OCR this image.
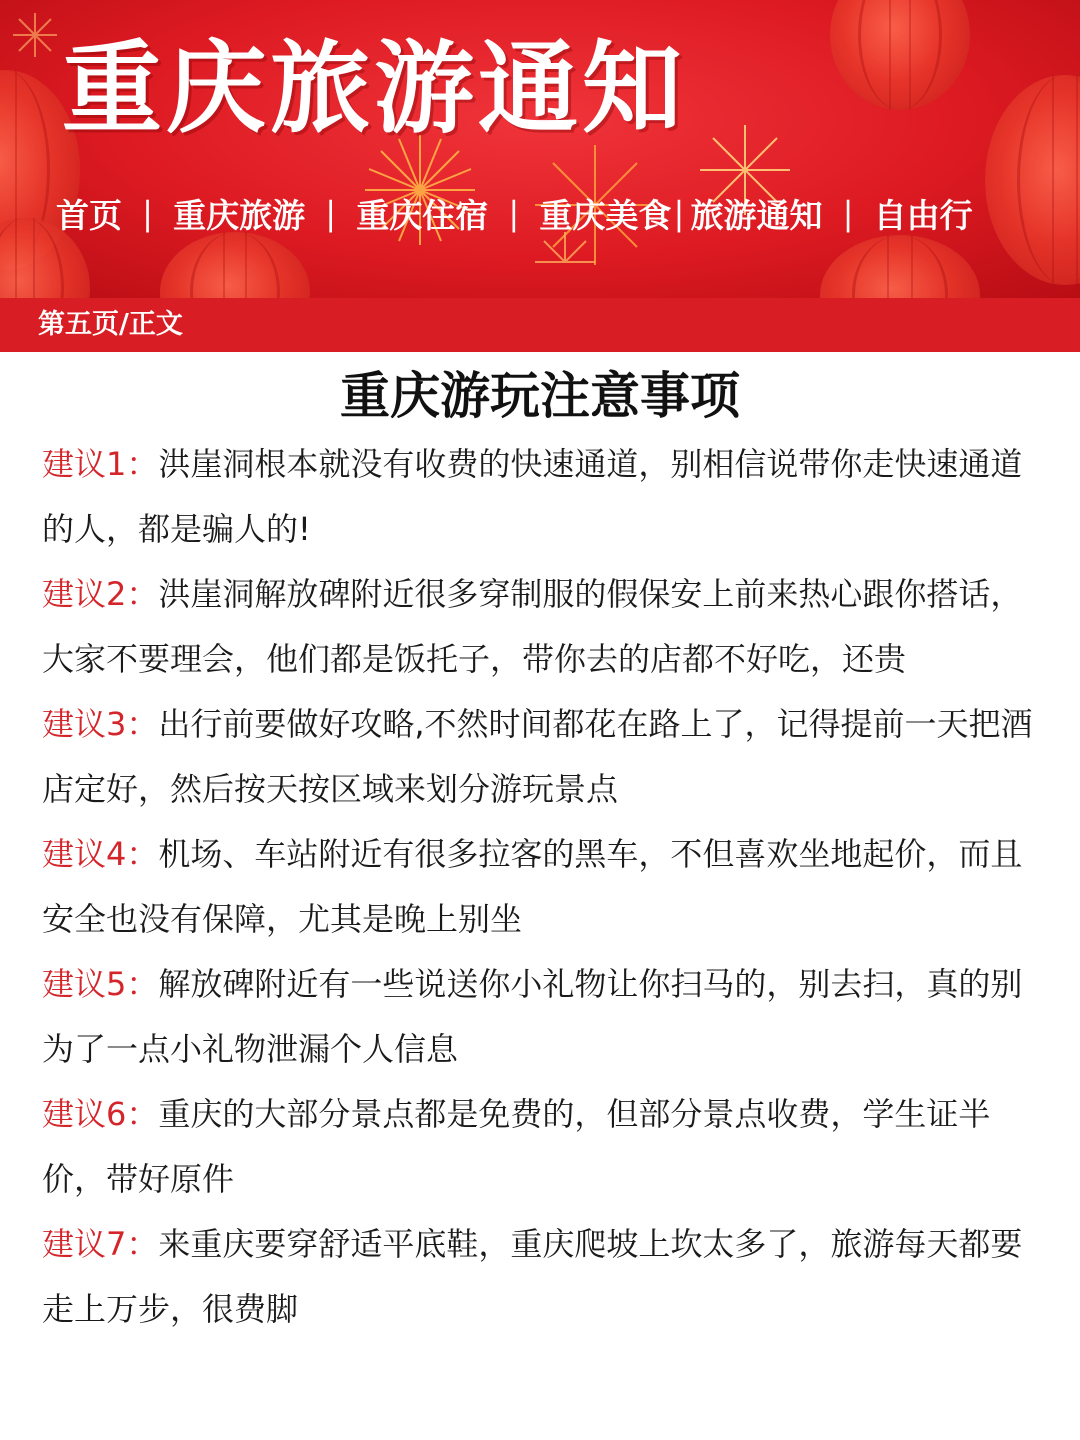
重庆旅游通知
首页 | 重庆旅游 | 重庆住宿 | 重庆美食 | 旅游通知 | 自由行
第五页/正文
重庆游玩注意事项
建议1：洪崖洞根本就没有收费的快速通道，别相信说带你走快速通道的人，都是骗人的!
建议2：洪崖洞解放碑附近很多穿制服的假保安上前来热心跟你搭话，大家不要理会，他们都是饭托子，带你去的店都不好吃，还贵
建议3：出行前要做好攻略,不然时间都花在路上了，记得提前一天把酒店定好，然后按天按区域来划分游玩景点
建议4：机场、车站附近有很多拉客的黑车，不但喜欢坐地起价，而且安全也没有保障，尤其是晚上别坐
建议5：解放碑附近有一些说送你小礼物让你扫马的，别去扫，真的别为了一点小礼物泄漏个人信息
建议6：重庆的大部分景点都是免费的，但部分景点收费，学生证半价，带好原件
建议7：来重庆要穿舒适平底鞋，重庆爬坡上坎太多了，旅游每天都要走上万步，很费脚
